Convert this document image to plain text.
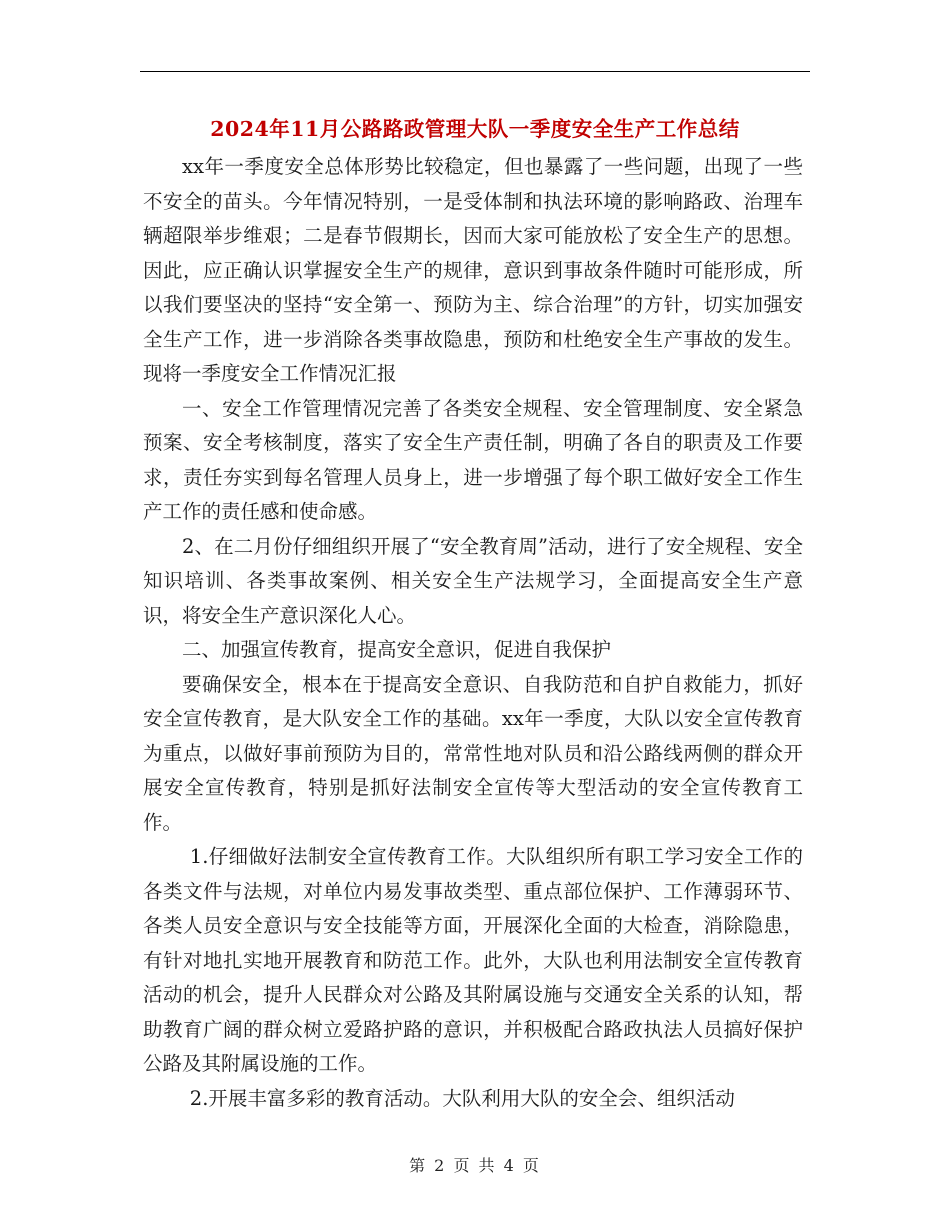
2024年11月公路路政管理大队一季度安全生产工作总结

xx年一季度安全总体形势比较稳定，但也暴露了一些问题，出现了一些不安全的苗头。今年情况特别，一是受体制和执法环境的影响路政、治理车辆超限举步维艰；二是春节假期长，因而大家可能放松了安全生产的思想。因此，应正确认识掌握安全生产的规律，意识到事故条件随时可能形成，所以我们要坚决的坚持“安全第一、预防为主、综合治理”的方针，切实加强安全生产工作，进一步消除各类事故隐患，预防和杜绝安全生产事故的发生。现将一季度安全工作情况汇报

一、安全工作管理情况完善了各类安全规程、安全管理制度、安全紧急预案、安全考核制度，落实了安全生产责任制，明确了各自的职责及工作要求，责任夯实到每名管理人员身上，进一步增强了每个职工做好安全工作生产工作的责任感和使命感。

2、在二月份仔细组织开展了“安全教育周”活动，进行了安全规程、安全知识培训、各类事故案例、相关安全生产法规学习，全面提高安全生产意识，将安全生产意识深化人心。

二、加强宣传教育，提高安全意识，促进自我保护

要确保安全，根本在于提高安全意识、自我防范和自护自救能力，抓好安全宣传教育，是大队安全工作的基础。xx年一季度，大队以安全宣传教育为重点，以做好事前预防为目的，常常性地对队员和沿公路线两侧的群众开展安全宣传教育，特别是抓好法制安全宣传等大型活动的安全宣传教育工作。

1.仔细做好法制安全宣传教育工作。大队组织所有职工学习安全工作的各类文件与法规，对单位内易发事故类型、重点部位保护、工作薄弱环节、各类人员安全意识与安全技能等方面，开展深化全面的大检查，消除隐患，有针对地扎实地开展教育和防范工作。此外，大队也利用法制安全宣传教育活动的机会，提升人民群众对公路及其附属设施与交通安全关系的认知，帮助教育广阔的群众树立爱路护路的意识，并积极配合路政执法人员搞好保护公路及其附属设施的工作。

2.开展丰富多彩的教育活动。大队利用大队的安全会、组织活动

第 2 页 共 4 页
